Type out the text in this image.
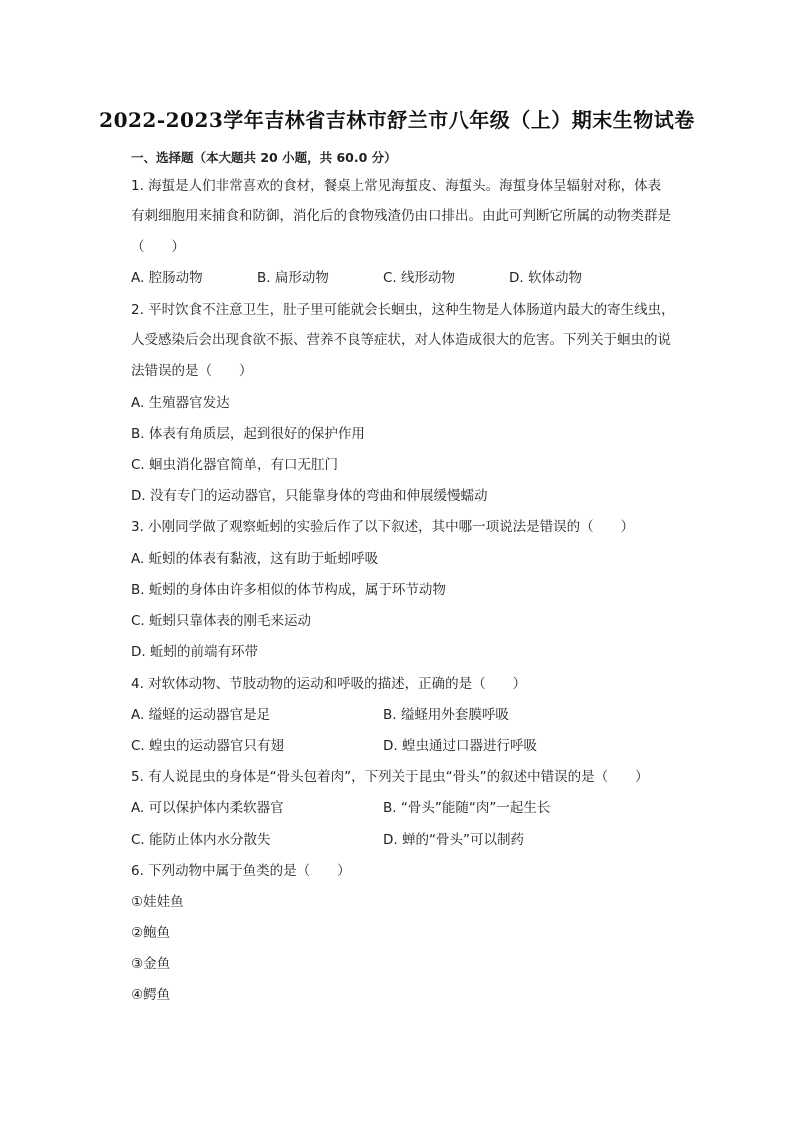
2022-2023学年吉林省吉林市舒兰市八年级（上）期末生物试卷
一、选择题（本大题共 20 小题，共 60.0 分）
1. 海蜇是人们非常喜欢的食材，餐桌上常见海蜇皮、海蜇头。海蜇身体呈辐射对称，体表
有刺细胞用来捕食和防御，消化后的食物残渣仍由口排出。由此可判断它所属的动物类群是
（　　）
A. 腔肠动物	B. 扁形动物	C. 线形动物	D. 软体动物
2. 平时饮食不注意卫生，肚子里可能就会长蛔虫，这种生物是人体肠道内最大的寄生线虫，
人受感染后会出现食欲不振、营养不良等症状，对人体造成很大的危害。下列关于蛔虫的说
法错误的是（　　）
A. 生殖器官发达
B. 体表有角质层，起到很好的保护作用
C. 蛔虫消化器官简单，有口无肛门
D. 没有专门的运动器官，只能靠身体的弯曲和伸展缓慢蠕动
3. 小刚同学做了观察蚯蚓的实验后作了以下叙述，其中哪一项说法是错误的（　　）
A. 蚯蚓的体表有黏液，这有助于蚯蚓呼吸
B. 蚯蚓的身体由许多相似的体节构成，属于环节动物
C. 蚯蚓只靠体表的刚毛来运动
D. 蚯蚓的前端有环带
4. 对软体动物、节肢动物的运动和呼吸的描述，正确的是（　　）
A. 缢蛏的运动器官是足	B. 缢蛏用外套膜呼吸
C. 蝗虫的运动器官只有翅	D. 蝗虫通过口器进行呼吸
5. 有人说昆虫的身体是“骨头包着肉”，下列关于昆虫“骨头”的叙述中错误的是（　　）
A. 可以保护体内柔软器官	B. “骨头”能随“肉”一起生长
C. 能防止体内水分散失	D. 蝉的“骨头”可以制药
6. 下列动物中属于鱼类的是（　　）
①娃娃鱼
②鲍鱼
③金鱼
④鳄鱼
